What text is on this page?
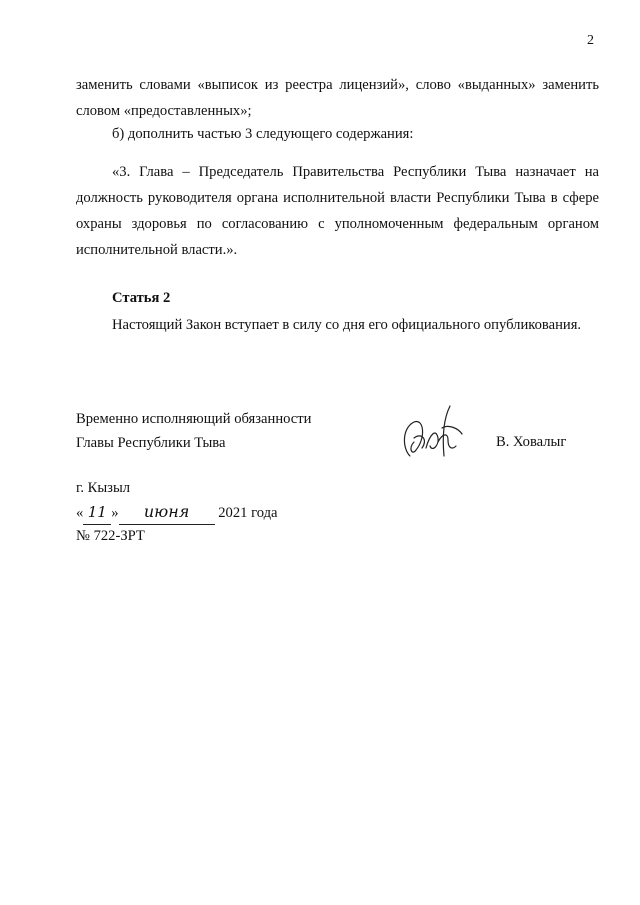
2
заменить словами «выписок из реестра лицензий», слово «выданных» заменить словом «предоставленных»;
б) дополнить частью 3 следующего содержания:
«3. Глава – Председатель Правительства Республики Тыва назначает на должность руководителя органа исполнительной власти Республики Тыва в сфере охраны здоровья по согласованию с уполномоченным федеральным органом исполнительной власти.».
Статья 2
Настоящий Закон вступает в силу со дня его официального опубликования.
Временно исполняющий обязанности
Главы Республики Тыва	В. Ховалыг
г. Кызыл
« 11 » июня 2021 года
№ 722-ЗРТ
